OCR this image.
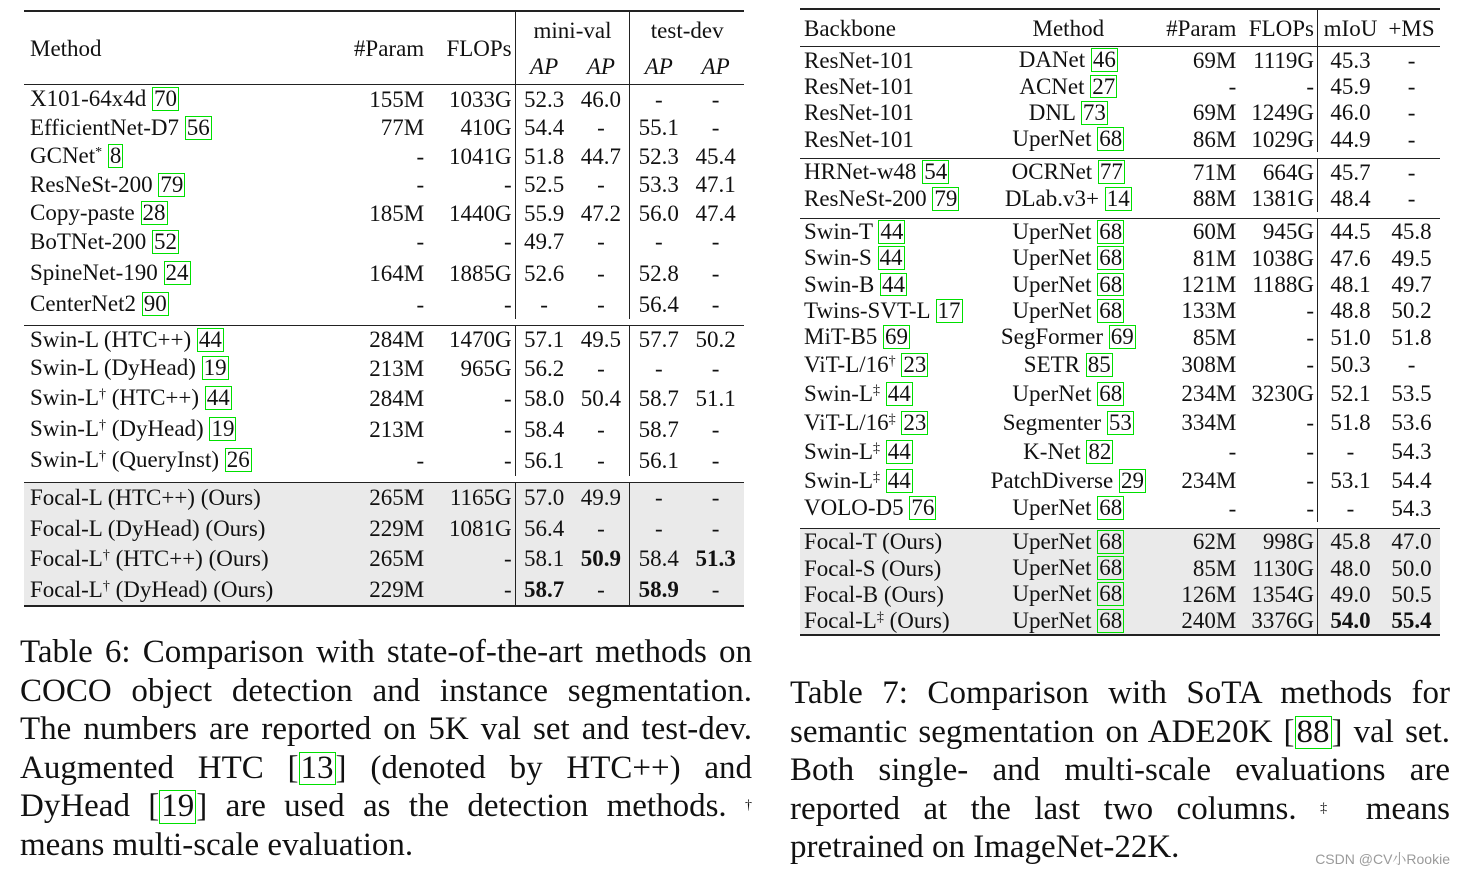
Method	#Param	FLOPs	mini-val		test-dev	
			AP	AP	AP	AP
X101-64x4d 70	155M	1033G	52.3	46.0	-	-
EfficientNet-D7 56	77M	410G	54.4	-	55.1	-
GCNet* 8	-	1041G	51.8	44.7	52.3	45.4
ResNeSt-200 79	-	-	52.5	-	53.3	47.1
Copy-paste 28	185M	1440G	55.9	47.2	56.0	47.4
BoTNet-200 52	-	-	49.7	-	-	-
SpineNet-190 24	164M	1885G	52.6	-	52.8	-
CenterNet2 90	-	-	-	-	56.4	-

Swin-L (HTC++) 44	284M	1470G	57.1	49.5	57.7	50.2
Swin-L (DyHead) 19	213M	965G	56.2	-	-	-
Swin-L† (HTC++) 44	284M	-	58.0	50.4	58.7	51.1
Swin-L† (DyHead) 19	213M	-	58.4	-	58.7	-
Swin-L† (QueryInst) 26	-	-	56.1	-	56.1	-

Focal-L (HTC++) (Ours)	265M	1165G	57.0	49.9	-	-
Focal-L (DyHead) (Ours)	229M	1081G	56.4	-	-	-
Focal-L† (HTC++) (Ours)	265M	-	58.1	50.9	58.4	51.3
Focal-L† (DyHead) (Ours)	229M	-	58.7	-	58.9	-
Table 6: Comparison with state-of-the-art methods on COCO object detection and instance segmentation. The numbers are reported on 5K val set and test-dev. Augmented HTC [13] (denoted by HTC++) and DyHead [19] are used as the detection methods. † means multi-scale evaluation.
Backbone	Method	#Param	FLOPs	mIoU	+MS
ResNet-101	DANet 46	69M	1119G	45.3	-
ResNet-101	ACNet 27	-	-	45.9	-
ResNet-101	DNL 73	69M	1249G	46.0	-
ResNet-101	UperNet 68	86M	1029G	44.9	-

HRNet-w48 54	OCRNet 77	71M	664G	45.7	-
ResNeSt-200 79	DLab.v3+ 14	88M	1381G	48.4	-

Swin-T 44	UperNet 68	60M	945G	44.5	45.8
Swin-S 44	UperNet 68	81M	1038G	47.6	49.5
Swin-B 44	UperNet 68	121M	1188G	48.1	49.7
Twins-SVT-L 17	UperNet 68	133M	-	48.8	50.2
MiT-B5 69	SegFormer 69	85M	-	51.0	51.8
ViT-L/16† 23	SETR 85	308M	-	50.3	-
Swin-L‡ 44	UperNet 68	234M	3230G	52.1	53.5
ViT-L/16‡ 23	Segmenter 53	334M	-	51.8	53.6
Swin-L‡ 44	K-Net 82	-	-	-	54.3
Swin-L‡ 44	PatchDiverse 29	234M	-	53.1	54.4
VOLO-D5 76	UperNet 68	-	-	-	54.3

Focal-T (Ours)	UperNet 68	62M	998G	45.8	47.0
Focal-S (Ours)	UperNet 68	85M	1130G	48.0	50.0
Focal-B (Ours)	UperNet 68	126M	1354G	49.0	50.5
Focal-L‡ (Ours)	UperNet 68	240M	3376G	54.0	55.4
Table 7: Comparison with SoTA methods for semantic segmentation on ADE20K [88] val set. Both single- and multi-scale evaluations are reported at the last two columns. ‡ means pretrained on ImageNet-22K.	CSDN @CV小Rookie
